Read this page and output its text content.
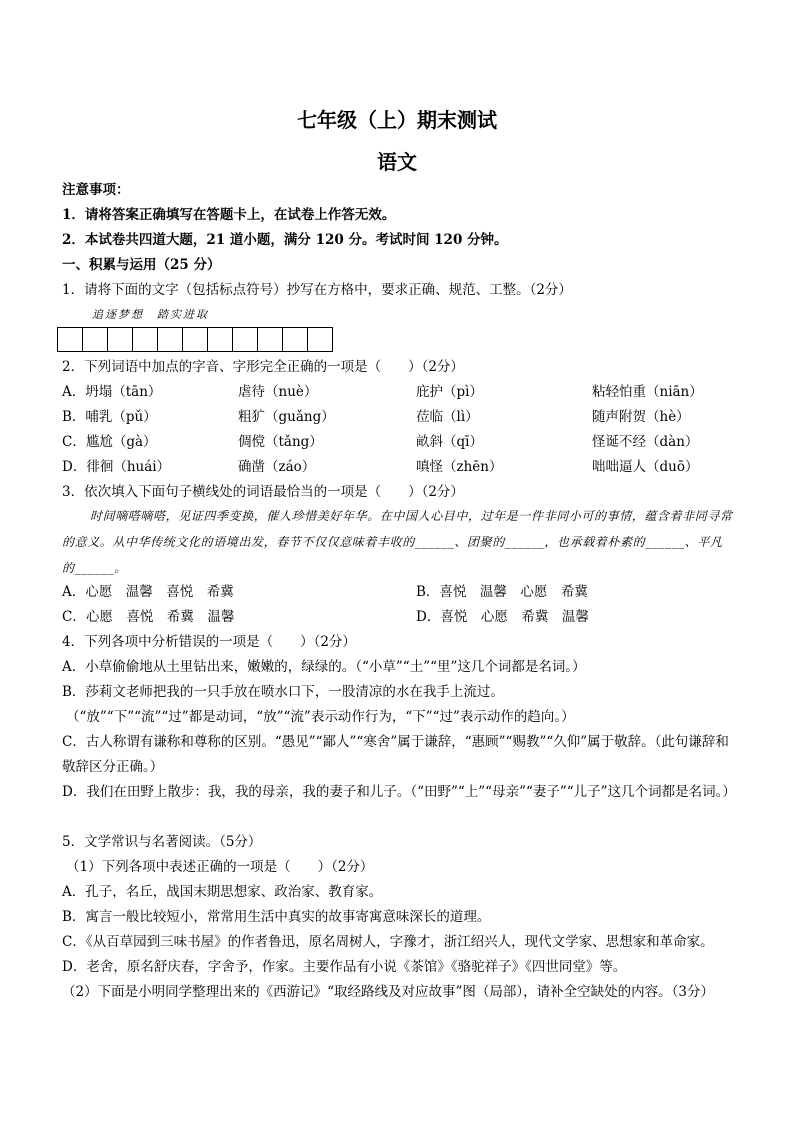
七年级（上）期末测试
语文
注意事项：
1．请将答案正确填写在答题卡上，在试卷上作答无效。
2．本试卷共四道大题，21 道小题，满分 120 分。考试时间 120 分钟。
一、积累与运用（25 分）
1．请将下面的文字（包括标点符号）抄写在方格中，要求正确、规范、工整。（2分）
追逐梦想　踏实进取
2．下列词语中加点的字音、字形完全正确的一项是（　　）（2分）
A．坍塌（tān）	虐待（nuè）	庇护（pì）	粘轻怕重（niān）
B．哺乳（pǔ）	粗犷（guǎng）	莅临（lì）	随声附贺（hè）
C．尴尬（gà）	倜傥（tǎng）	畝斜（qī）	怪诞不经（dàn）
D．徘徊（huái）	确凿（záo）	嗔怪（zhēn）	咄咄逼人（duō）
3．依次填入下面句子横线处的词语最恰当的一项是（　　）（2分）
时间嘀嗒嘀嗒，见证四季变换，催人珍惜美好年华。在中国人心目中，过年是一件非同小可的事情，蕴含着非同寻常的意义。从中华传统文化的语境出发，春节不仅仅意味着丰收的______、团聚的______，也承载着朴素的______、平凡的______。
A．心愿　温馨　喜悦　希冀	B．喜悦　温馨　心愿　希冀
C．心愿　喜悦　希冀　温馨	D．喜悦　心愿　希冀　温馨
4．下列各项中分析错误的一项是（　　）（2分）
A．小草偷偷地从土里钻出来，嫩嫩的，绿绿的。（“小草”“土”“里”这几个词都是名词。）
B．莎莉文老师把我的一只手放在喷水口下，一股清凉的水在我手上流过。
（“放”“下”“流”“过”都是动词，“放”“流”表示动作行为，“下”“过”表示动作的趋向。）
C．古人称谓有谦称和尊称的区别。“愚见”“鄙人”“寒舍”属于谦辞，“惠顾”“赐教”“久仰”属于敬辞。（此句谦辞和敬辞区分正确。）
D．我们在田野上散步：我，我的母亲，我的妻子和儿子。（“田野”“上”“母亲”“妻子”“儿子”这几个词都是名词。）
5．文学常识与名著阅读。（5分）
（1）下列各项中表述正确的一项是（　　）（2分）
A．孔子，名丘，战国末期思想家、政治家、教育家。
B．寓言一般比较短小，常常用生活中真实的故事寄寓意味深长的道理。
C．《从百草园到三味书屋》的作者鲁迅，原名周树人，字豫才，浙江绍兴人，现代文学家、思想家和革命家。
D．老舍，原名舒庆春，字舍予，作家。主要作品有小说《茶馆》《骆驼祥子》《四世同堂》等。
（2）下面是小明同学整理出来的《西游记》“取经路线及对应故事”图（局部），请补全空缺处的内容。（3分）
